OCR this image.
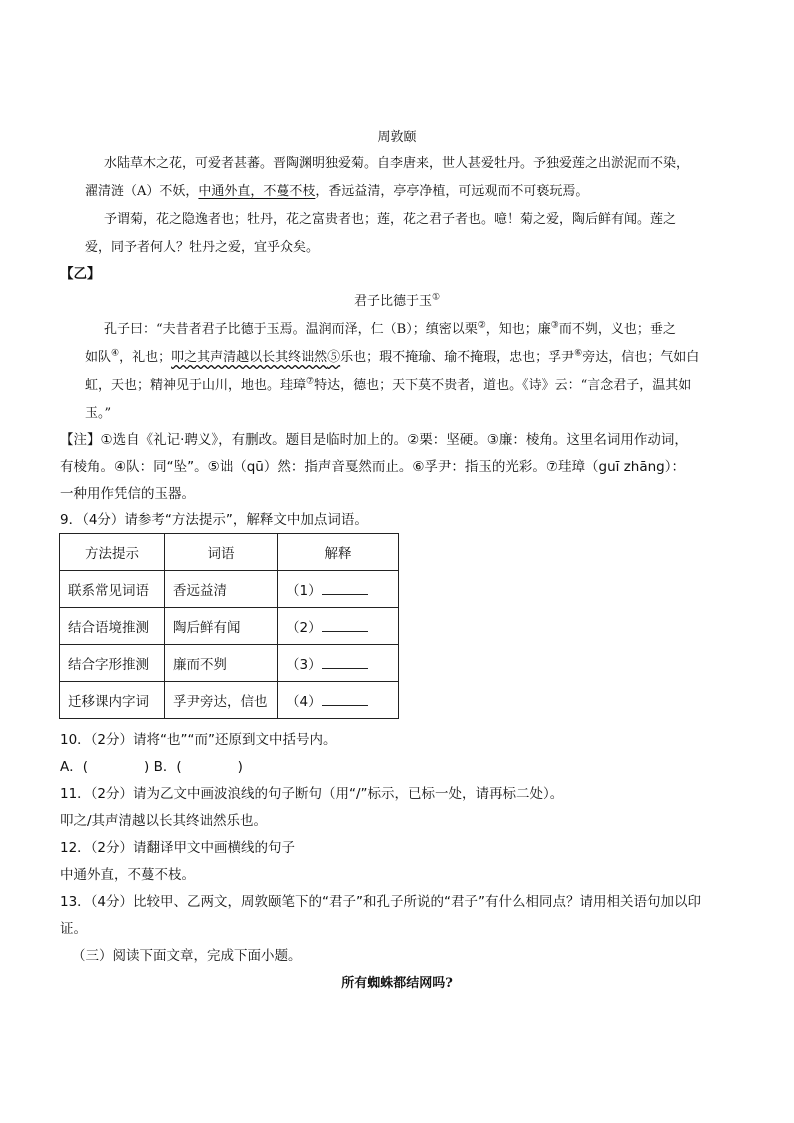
周敦颐
水陆草木之花，可爱者甚蕃。晋陶渊明独爱菊。自李唐来，世人甚爱牡丹。予独爱莲之出淤泥而不染，
濯清涟（A）不妖，中通外直，不蔓不枝，香远益清，亭亭净植，可远观而不可亵玩焉。
予谓菊，花之隐逸者也；牡丹，花之富贵者也；莲，花之君子者也。噫！菊之爱，陶后鲜有闻。莲之
爱，同予者何人？牡丹之爱，宜乎众矣。
【乙】
君子比德于玉①
孔子曰：“夫昔者君子比德于玉焉。温润而泽，仁（B）；缜密以栗②，知也；廉③而不刿，义也；垂之
如队④，礼也；叩之其声清越以长其终诎然⑤乐也；瑕不掩瑜、瑜不掩瑕，忠也；孚尹⑥旁达，信也；气如白
虹，天也；精神见于山川，地也。珪璋⑦特达，德也；天下莫不贵者，道也。《诗》云：“言念君子，温其如
玉。”
【注】①选自《礼记·聘义》，有删改。题目是临时加上的。②栗：坚硬。③廉：棱角。这里名词用作动词，
有棱角。④队：同“坠”。⑤诎（qū）然：指声音戛然而止。⑥孚尹：指玉的光彩。⑦珪璋（guī zhāng）：
一种用作凭信的玉器。
9．（4分）请参考“方法提示”，解释文中加点词语。
方法提示	词语	解释
联系常见词语	香远益清	（1）
结合语境推测	陶后鲜有闻	（2）
结合字形推测	廉而不刿	（3）
迁移课内字词	孚尹旁达，信也	（4）
10．（2分）请将“也”“而”还原到文中括号内。
A．(	) B．(	)
11．（2分）请为乙文中画波浪线的句子断句（用“/”标示，已标一处，请再标二处）。
叩之/其声清越以长其终诎然乐也。
12．（2分）请翻译甲文中画横线的句子
中通外直，不蔓不枝。
13．（4分）比较甲、乙两文，周敦颐笔下的“君子”和孔子所说的“君子”有什么相同点？请用相关语句加以印
证。
（三）阅读下面文章，完成下面小题。
所有蜘蛛都结网吗?
